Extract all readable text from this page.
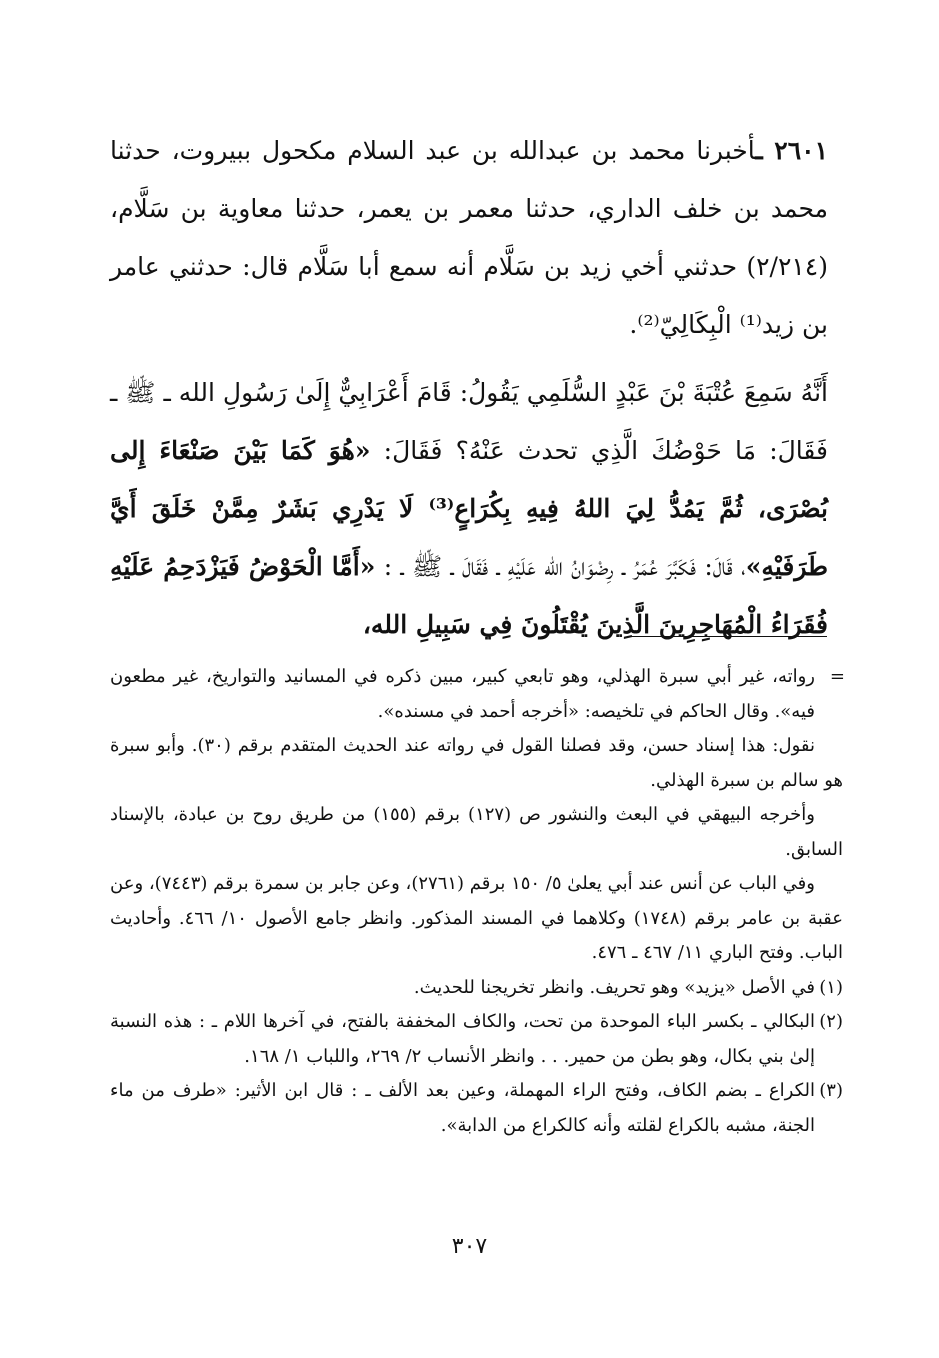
٢٦٠١ ـأخبرنا محمد بن عبدالله بن عبد السلام مكحول ببيروت، حدثنا محمد بن خلف الداري، حدثنا معمر بن يعمر، حدثنا معاوية بن سَلَّام، (٢/٢١٤) حدثني أخي زيد بن سَلَّام أنه سمع أبا سَلَّام قال: حدثني عامر بن زيد⁽¹⁾ الْبِكَالِيّ⁽²⁾.

أَنَّهُ سَمِعَ عُتْبَةَ بْنَ عَبْدٍ السُّلَمِي يَقُولُ: قَامَ أَعْرَابِيٌّ إِلَىٰ رَسُولِ الله ـ ﷺ ـ فَقَالَ: مَا حَوْضُكَ الَّذِي تحدث عَنْهُ؟ فَقَالَ: «هُوَ كَمَا بَيْنَ صَنْعَاءَ إِلى بُصْرَى، ثُمَّ يَمُدُّ لِيَ اللهُ فِيهِ بِكُرَاعٍ⁽³⁾ لَا يَدْرِي بَشَرٌ مِمَّنْ خَلَقَ أَيَّ طَرَفَيْهِ»، قَالَ: فَكَبَّرَ عُمَرُ ـ رِضْوَانُ الله عَلَيْهِ ـ فَقَالَ ـ ﷺ ـ : «أَمَّا الْحَوْضُ فَيَزْدَحِمُ عَلَيْهِ فُقَرَاءُ الْمُهَاجِرِينَ الَّذِينَ يُقْتَلُونَ فِي سَبِيلِ الله،

=
رواته، غير أبي سبرة الهذلي، وهو تابعي كبير، مبين ذكره في المسانيد والتواريخ، غير مطعون فيه». وقال الحاكم في تلخيصه: «أخرجه أحمد في مسنده».

نقول: هذا إسناد حسن، وقد فصلنا القول في رواته عند الحديث المتقدم برقم (٣٠). وأبو سبرة هو سالم بن سبرة الهذلي.

وأخرجه البيهقي في البعث والنشور ص (١٢٧) برقم (١٥٥) من طريق روح بن عبادة، بالإسناد السابق.

وفي الباب عن أنس عند أبي يعلىٰ ٥/ ١٥٠ برقم (٢٧٦١)، وعن جابر بن سمرة برقم (٧٤٤٣)، وعن عقبة بن عامر برقم (١٧٤٨) وكلاهما في المسند المذكور. وانظر جامع الأصول ١٠/ ٤٦٦. وأحاديث الباب. وفتح الباري ١١/ ٤٦٧ ـ ٤٧٦.

(١)
في الأصل «يزيد» وهو تحريف. وانظر تخريجنا للحديث.

(٢)
البكالي ـ بكسر الباء الموحدة من تحت، والكاف المخففة بالفتح، في آخرها اللام ـ : هذه النسبة إلىٰ بني بكال، وهو بطن من حمير. . . وانظر الأنساب ٢/ ٢٦٩، واللباب ١/ ١٦٨.

(٣)
الكراع ـ بضم الكاف، وفتح الراء المهملة، وعين بعد الألف ـ : قال ابن الأثير: «طرف من ماء الجنة، مشبه بالكراع لقلته وأنه كالكراع من الدابة».

٣٠٧
